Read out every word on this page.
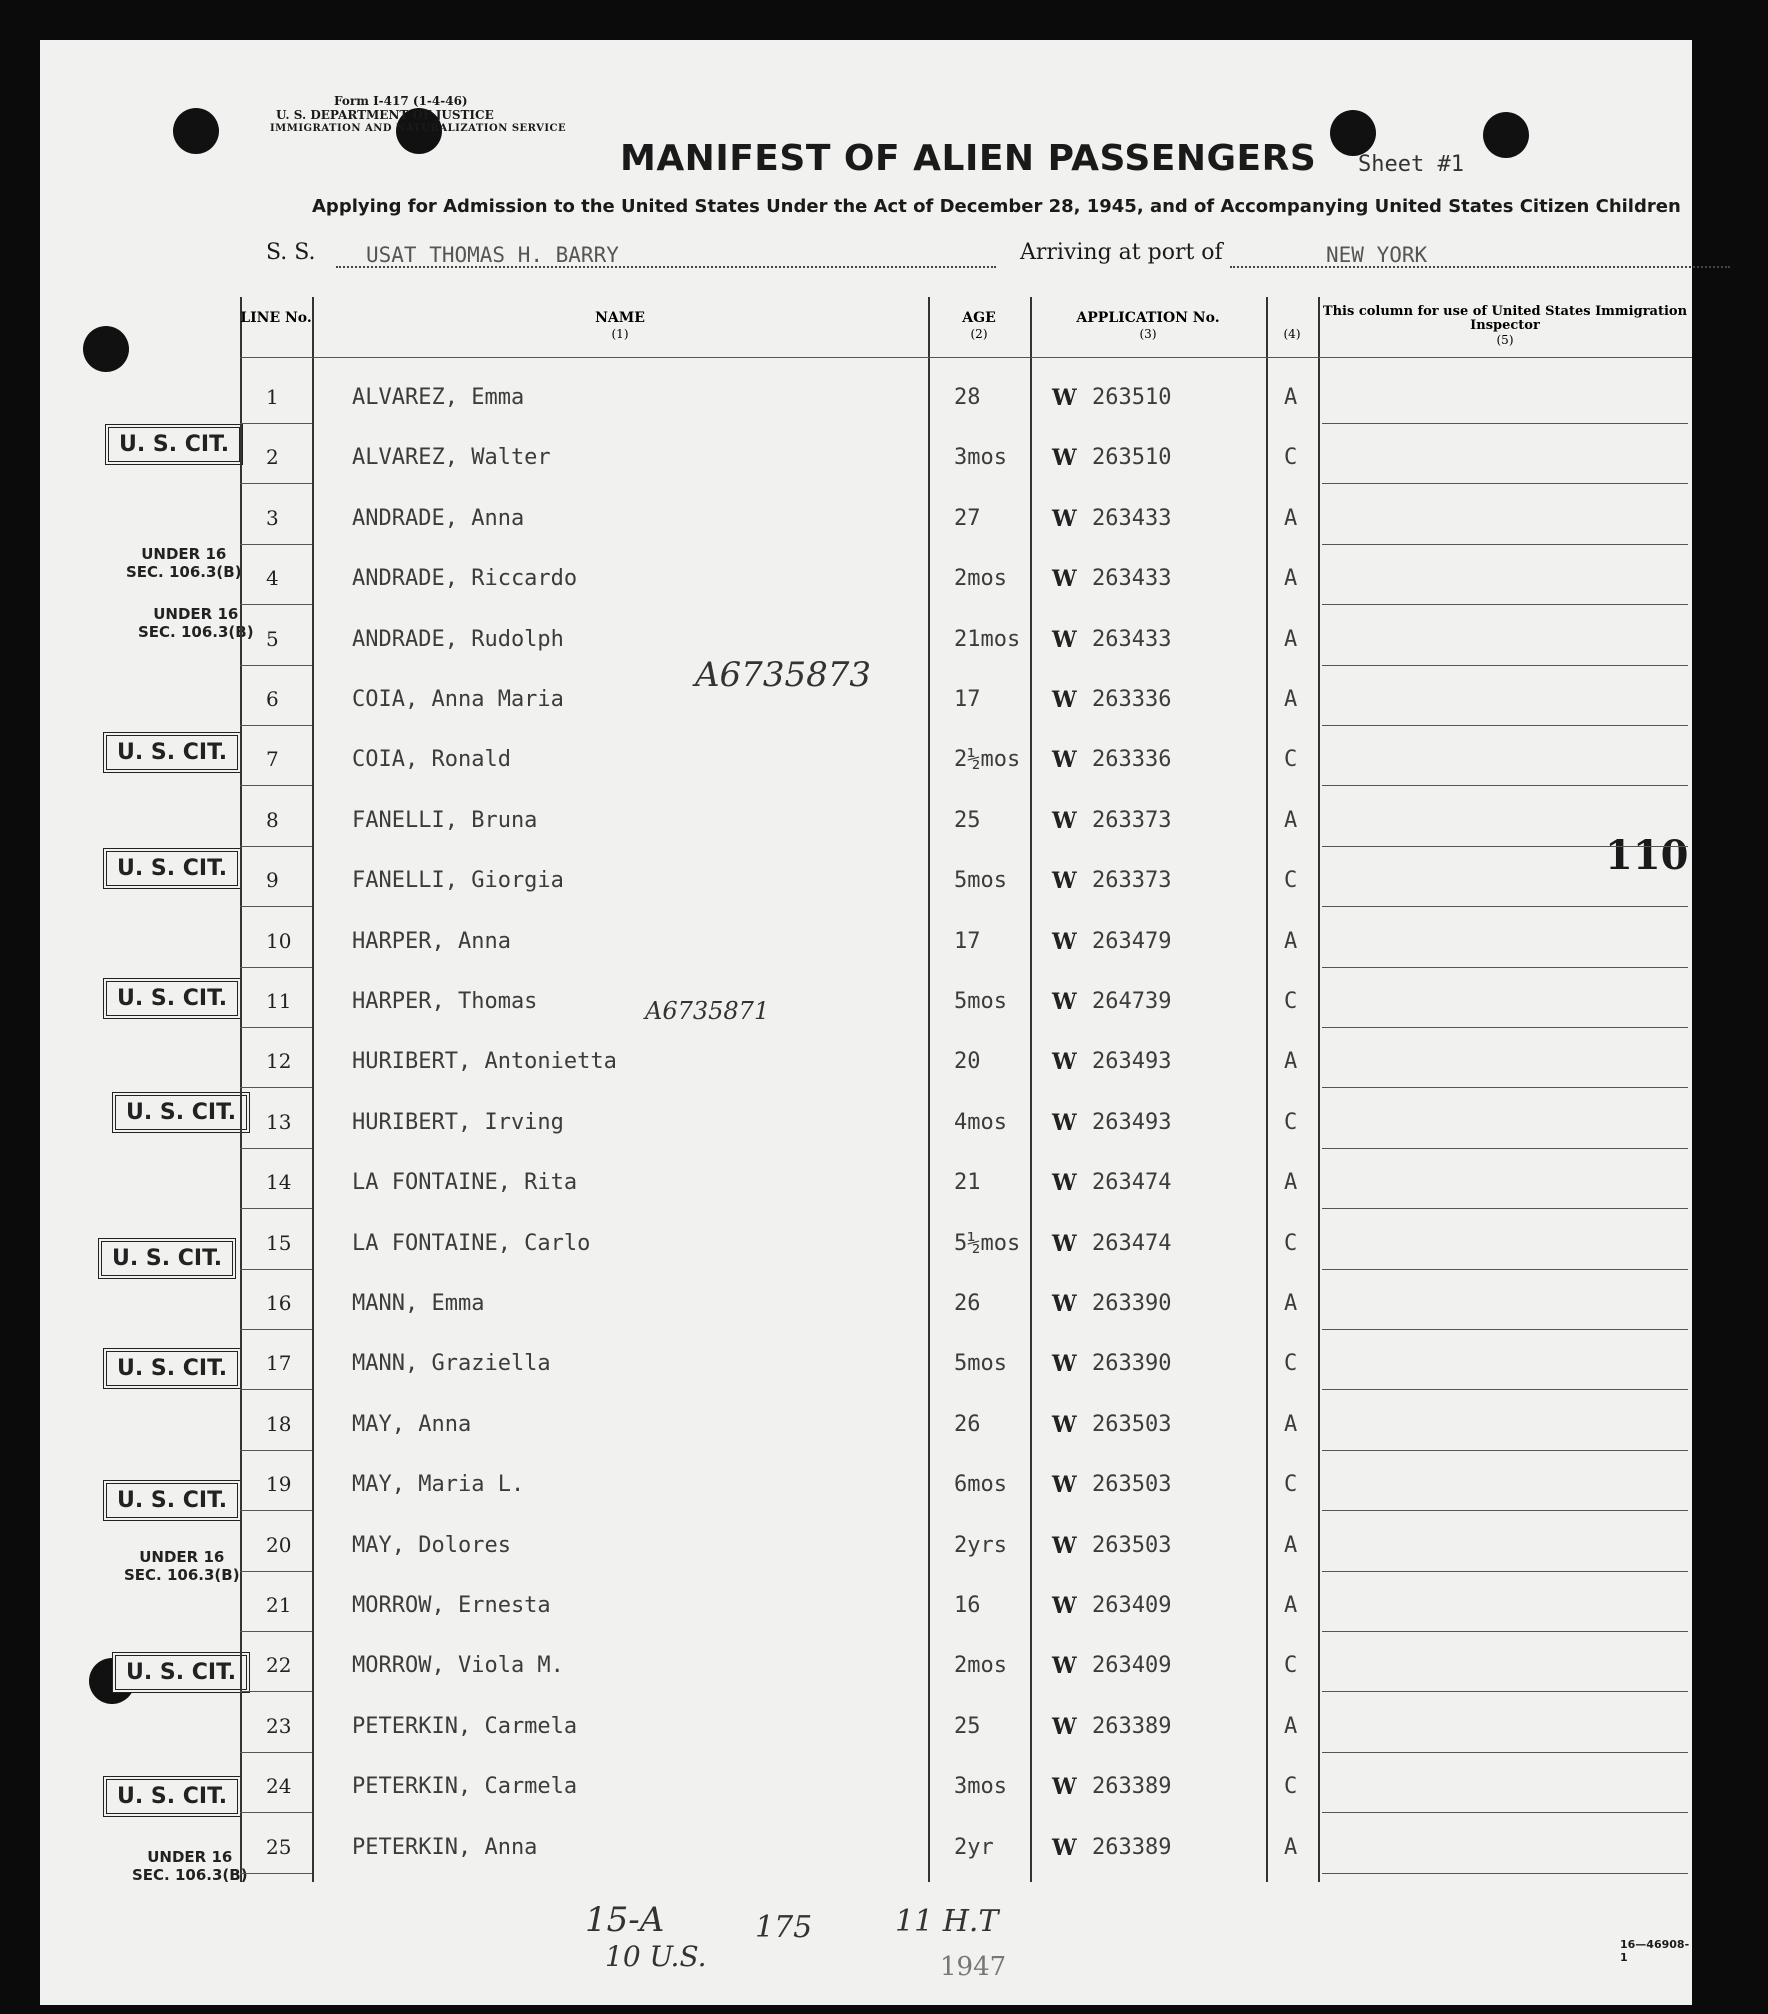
Form I-417 (1-4-46)
U. S. DEPARTMENT OF JUSTICE
IMMIGRATION AND NATURALIZATION SERVICE
MANIFEST OF ALIEN PASSENGERS Sheet #1
Applying for Admission to the United States Under the Act of December 28, 1945, and of Accompanying United States Citizen Children
S. S. USAT THOMAS H. BARRY	Arriving at port of	NEW YORK
110
U. S. CIT.
UNDER 16
SEC. 106.3(B)
UNDER 16
SEC. 106.3(B)
U. S. CIT.
U. S. CIT.
U. S. CIT.
U. S. CIT.
U. S. CIT.
U. S. CIT.
U. S. CIT.
UNDER 16
SEC. 106.3(B)
U. S. CIT.
U. S. CIT.
UNDER 16
SEC. 106.3(B)
A6735873
A6735871
15-A
10 U.S.
175	11 H.T
1947
16—46908-1
LINE No.	NAME
(1)
AGE
(2)
APPLICATION No.
(3)	(4)
This column for use of United States Immigration Inspector
(5)
1	ALVAREZ, Emma	28	W 263510	A
2	ALVAREZ, Walter	3mos W 263510	C
3	ANDRADE, Anna	27	W 263433	A
4	ANDRADE, Riccardo	2mos W 263433	A
5	ANDRADE, Rudolph	21mos W 263433	A
6	COIA, Anna Maria	17	W 263336	A
7	COIA, Ronald	2½mos W 263336	C
8	FANELLI, Bruna	25	W 263373	A
9	FANELLI, Giorgia	5mos W 263373	C
10	HARPER, Anna	17	W 263479	A
11	HARPER, Thomas	5mos W 264739	C
12	HURIBERT, Antonietta	20	W 263493	A
13	HURIBERT, Irving	4mos W 263493	C
14	LA FONTAINE, Rita	21	W 263474	A
15	LA FONTAINE, Carlo	5½mos W 263474	C
16	MANN, Emma	26	W 263390	A
17	MANN, Graziella	5mos W 263390	C
18	MAY, Anna	26	W 263503	A
19	MAY, Maria L.	6mos W 263503	C
20	MAY, Dolores	2yrs W 263503	A
21	MORROW, Ernesta	16	W 263409	A
22	MORROW, Viola M.	2mos W 263409	C
23	PETERKIN, Carmela	25	W 263389	A
24	PETERKIN, Carmela	3mos W 263389	C
25	PETERKIN, Anna	2yr	W 263389	A
